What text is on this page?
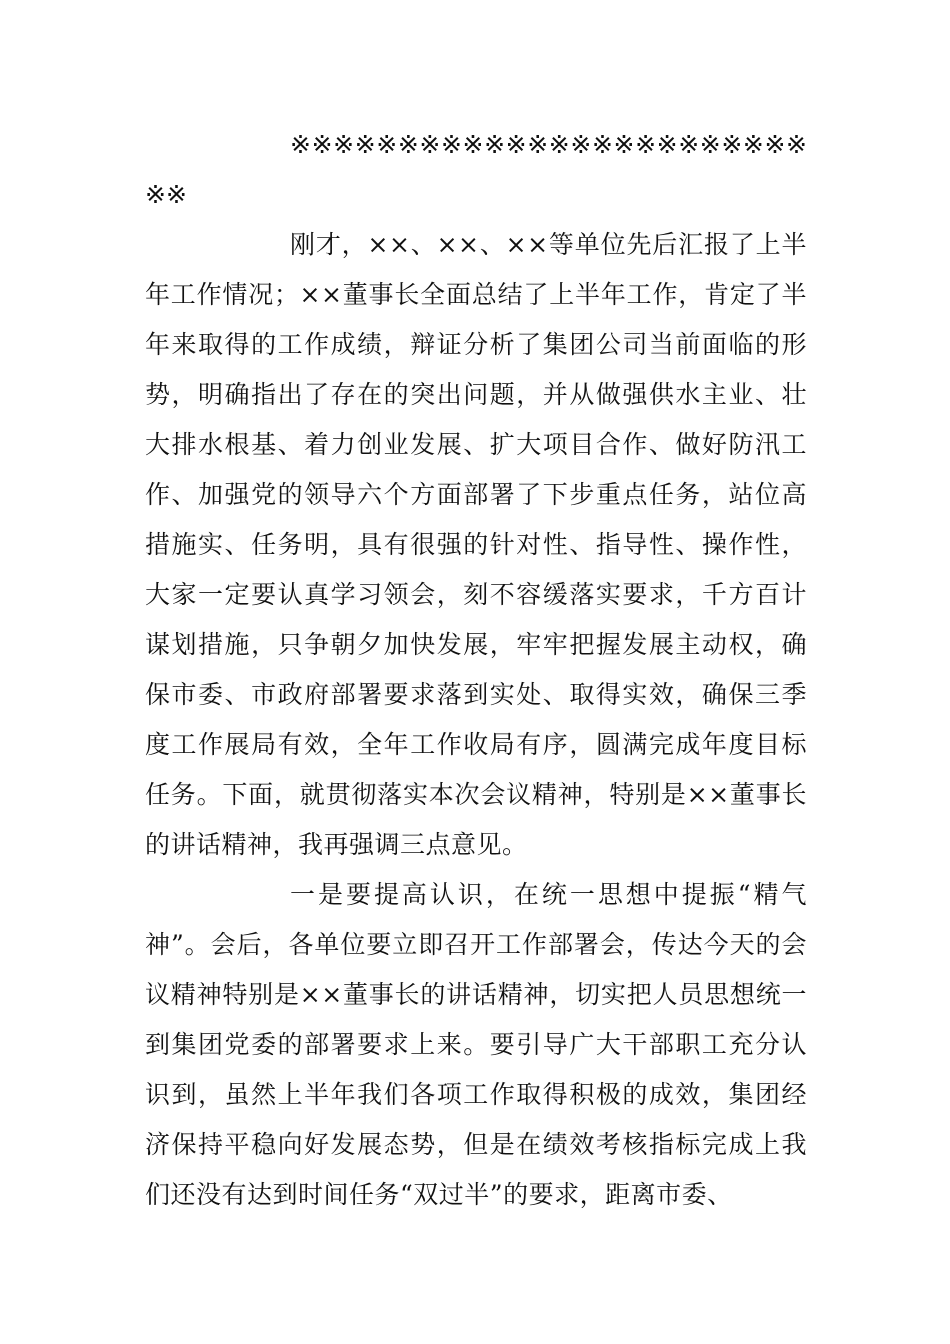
※※※※※※※※※※※※※※※※※※※※※※※※※※

刚才，××、××、××等单位先后汇报了上半年工作情况；××董事长全面总结了上半年工作，肯定了半年来取得的工作成绩，辩证分析了集团公司当前面临的形势，明确指出了存在的突出问题，并从做强供水主业、壮大排水根基、着力创业发展、扩大项目合作、做好防汛工作、加强党的领导六个方面部署了下步重点任务，站位高措施实、任务明，具有很强的针对性、指导性、操作性，大家一定要认真学习领会，刻不容缓落实要求，千方百计谋划措施，只争朝夕加快发展，牢牢把握发展主动权，确保市委、市政府部署要求落到实处、取得实效，确保三季度工作展局有效，全年工作收局有序，圆满完成年度目标任务。下面，就贯彻落实本次会议精神，特别是××董事长的讲话精神，我再强调三点意见。

一是要提高认识，在统一思想中提振“精气神”。会后，各单位要立即召开工作部署会，传达今天的会议精神特别是××董事长的讲话精神，切实把人员思想统一到集团党委的部署要求上来。要引导广大干部职工充分认识到，虽然上半年我们各项工作取得积极的成效，集团经济保持平稳向好发展态势，但是在绩效考核指标完成上我们还没有达到时间任务“双过半”的要求，距离市委、
